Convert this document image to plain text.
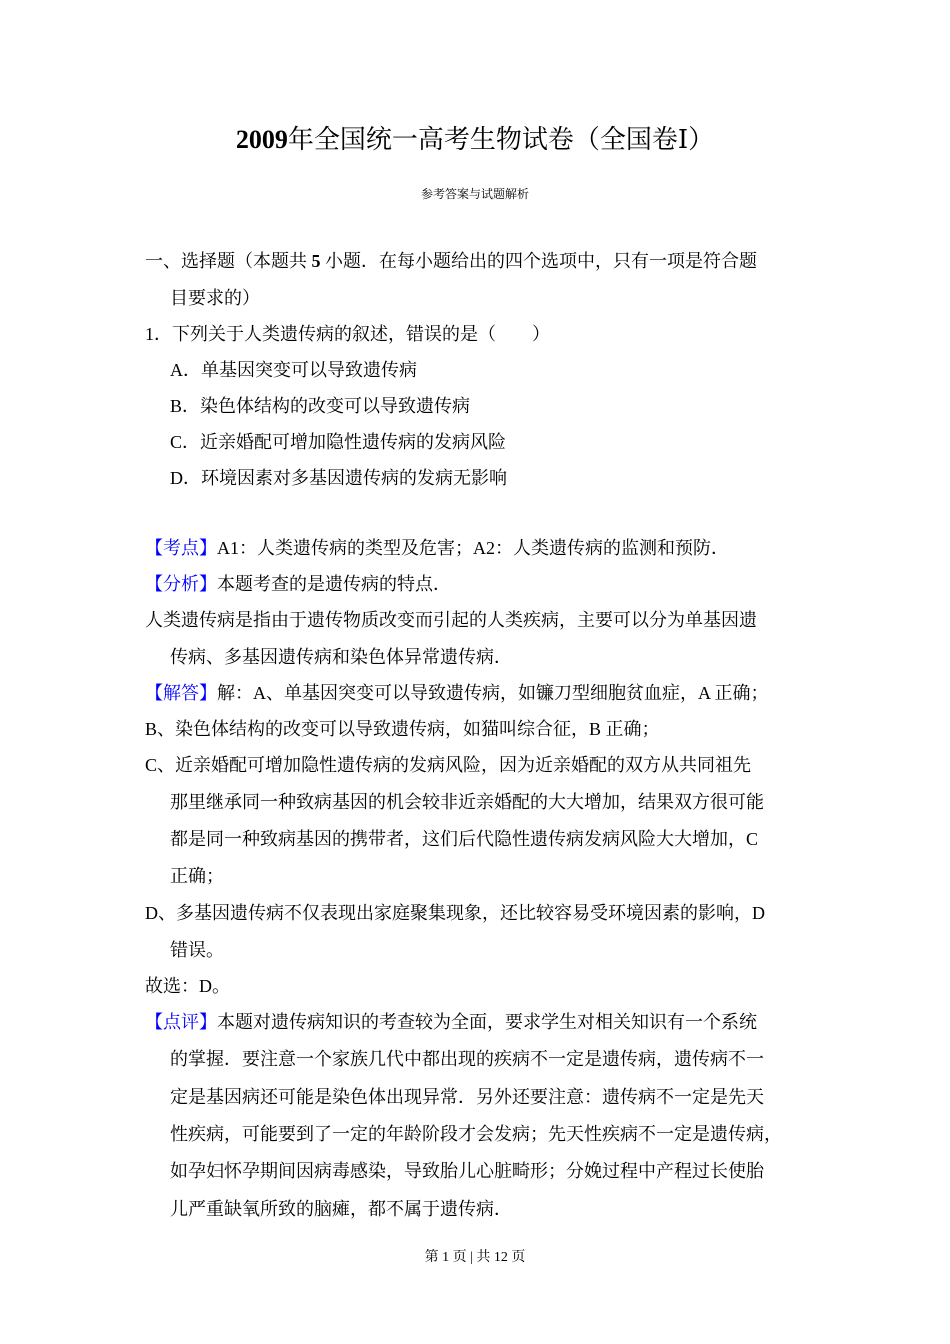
2009年全国统一高考生物试卷（全国卷Ⅰ）
参考答案与试题解析
一、选择题（本题共 5 小题．在每小题给出的四个选项中，只有一项是符合题
目要求的）
1．下列关于人类遗传病的叙述，错误的是（　　）
A．单基因突变可以导致遗传病
B．染色体结构的改变可以导致遗传病
C．近亲婚配可增加隐性遗传病的发病风险
D．环境因素对多基因遗传病的发病无影响
【考点】A1：人类遗传病的类型及危害；A2：人类遗传病的监测和预防．
【分析】本题考查的是遗传病的特点．
人类遗传病是指由于遗传物质改变而引起的人类疾病，主要可以分为单基因遗
传病、多基因遗传病和染色体异常遗传病．
【解答】解：A、单基因突变可以导致遗传病，如镰刀型细胞贫血症，A 正确；
B、染色体结构的改变可以导致遗传病，如猫叫综合征，B 正确；
C、近亲婚配可增加隐性遗传病的发病风险，因为近亲婚配的双方从共同祖先
那里继承同一种致病基因的机会较非近亲婚配的大大增加，结果双方很可能
都是同一种致病基因的携带者，这们后代隐性遗传病发病风险大大增加，C
正确；
D、多基因遗传病不仅表现出家庭聚集现象，还比较容易受环境因素的影响，D
错误。
故选：D。
【点评】本题对遗传病知识的考查较为全面，要求学生对相关知识有一个系统
的掌握．要注意一个家族几代中都出现的疾病不一定是遗传病，遗传病不一
定是基因病还可能是染色体出现异常．另外还要注意：遗传病不一定是先天
性疾病，可能要到了一定的年龄阶段才会发病；先天性疾病不一定是遗传病，
如孕妇怀孕期间因病毒感染，导致胎儿心脏畸形；分娩过程中产程过长使胎
儿严重缺氧所致的脑瘫，都不属于遗传病．
第 1 页 | 共 12 页
